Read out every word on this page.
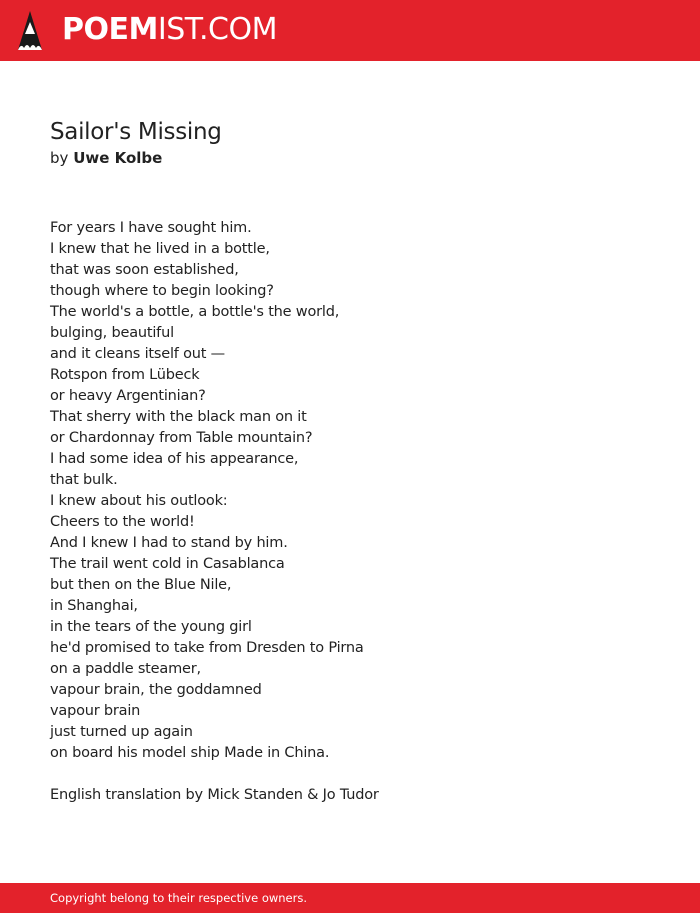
POEMIST.COM
Sailor's Missing
by Uwe Kolbe
For years I have sought him.
I knew that he lived in a bottle,
that was soon established,
though where to begin looking?
The world's a bottle, a bottle's the world,
bulging, beautiful
and it cleans itself out —
Rotspon from Lübeck
or heavy Argentinian?
That sherry with the black man on it
or Chardonnay from Table mountain?
I had some idea of his appearance,
that bulk.
I knew about his outlook:
Cheers to the world!
And I knew I had to stand by him.
The trail went cold in Casablanca
but then on the Blue Nile,
in Shanghai,
in the tears of the young girl
he'd promised to take from Dresden to Pirna
on a paddle steamer,
vapour brain, the goddamned
vapour brain
just turned up again
on board his model ship Made in China.
English translation by Mick Standen & Jo Tudor
Copyright belong to their respective owners.
